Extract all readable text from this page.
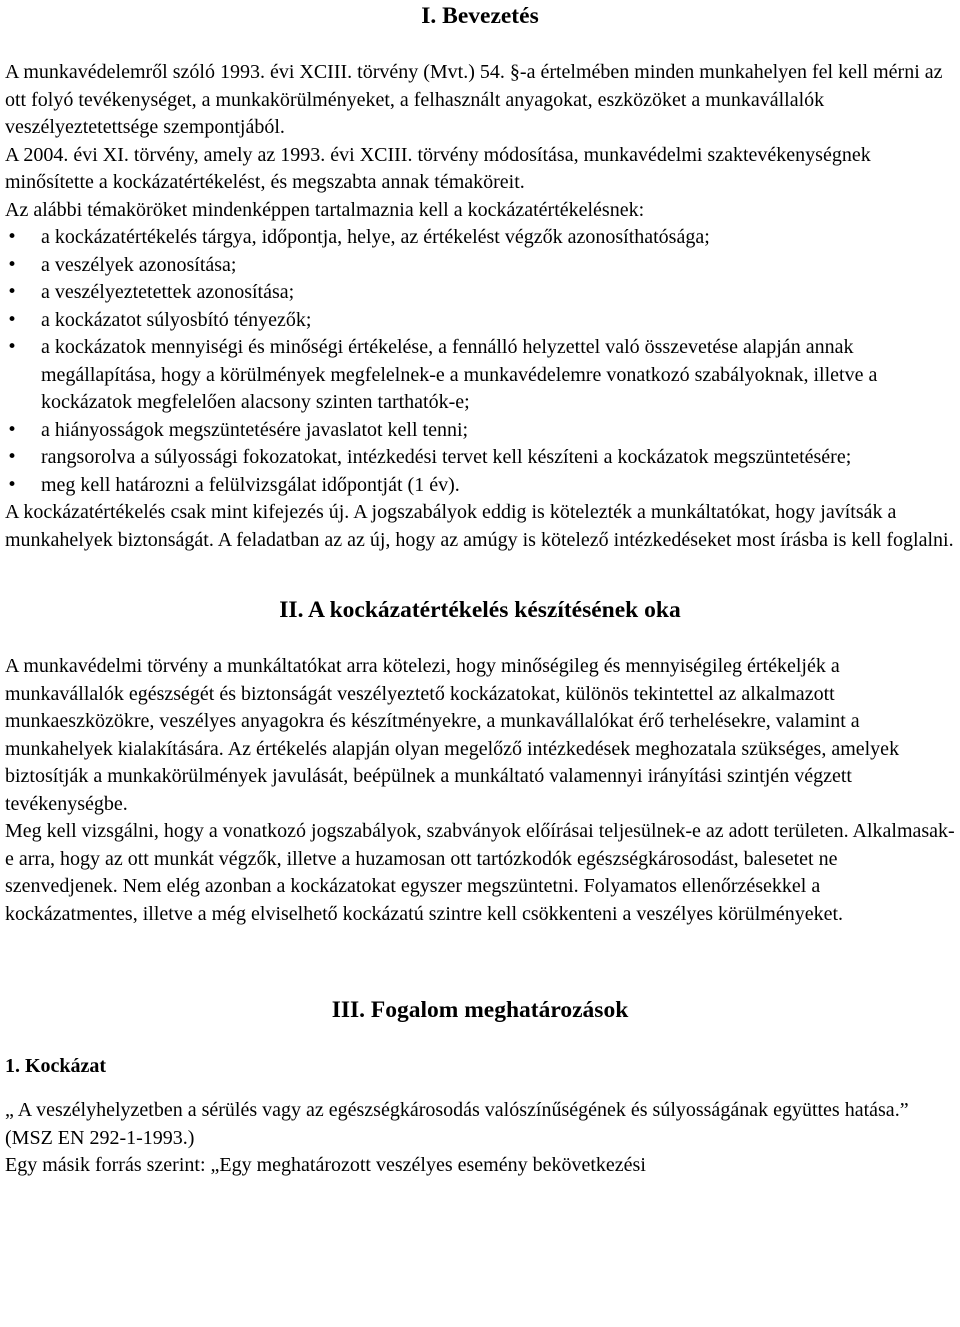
I. Bevezetés

A munkavédelemről szóló 1993. évi XCIII. törvény (Mvt.) 54. §-a értelmében minden munkahelyen fel kell mérni az ott folyó tevékenységet, a munkakörülményeket, a felhasznált anyagokat, eszközöket a munkavállalók veszélyeztetettsége szempontjából.

A 2004. évi XI. törvény, amely az 1993. évi XCIII. törvény módosítása, munkavédelmi szaktevékenységnek minősítette a kockázatértékelést, és megszabta annak témaköreit.

Az alábbi témaköröket mindenképpen tartalmaznia kell a kockázatértékelésnek:

• a kockázatértékelés tárgya, időpontja, helye, az értékelést végzők azonosíthatósága;
• a veszélyek azonosítása;
• a veszélyeztetettek azonosítása;
• a kockázatot súlyosbító tényezők;
• a kockázatok mennyiségi és minőségi értékelése, a fennálló helyzettel való összevetése alapján annak megállapítása, hogy a körülmények megfelelnek-e a munkavédelemre vonatkozó szabályoknak, illetve a kockázatok megfelelően alacsony szinten tarthatók-e;
• a hiányosságok megszüntetésére javaslatot kell tenni;
• rangsorolva a súlyossági fokozatokat, intézkedési tervet kell készíteni a kockázatok megszüntetésére;
• meg kell határozni a felülvizsgálat időpontját (1 év).

A kockázatértékelés csak mint kifejezés új. A jogszabályok eddig is kötelezték a munkáltatókat, hogy javítsák a munkahelyek biztonságát. A feladatban az az új, hogy az amúgy is kötelező intézkedéseket most írásba is kell foglalni.

II. A kockázatértékelés készítésének oka

A munkavédelmi törvény a munkáltatókat arra kötelezi, hogy minőségileg és mennyiségileg értékeljék a munkavállalók egészségét és biztonságát veszélyeztető kockázatokat, különös tekintettel az alkalmazott munkaeszközökre, veszélyes anyagokra és készítményekre, a munkavállalókat érő terhelésekre, valamint a munkahelyek kialakítására. Az értékelés alapján olyan megelőző intézkedések meghozatala szükséges, amelyek biztosítják a munkakörülmények javulását, beépülnek a munkáltató valamennyi irányítási szintjén végzett tevékenységbe.

Meg kell vizsgálni, hogy a vonatkozó jogszabályok, szabványok előírásai teljesülnek-e az adott területen. Alkalmasak-e arra, hogy az ott munkát végzők, illetve a huzamosan ott tartózkodók egészségkárosodást, balesetet ne szenvedjenek. Nem elég azonban a kockázatokat egyszer megszüntetni. Folyamatos ellenőrzésekkel a kockázatmentes, illetve a még elviselhető kockázatú szintre kell csökkenteni a veszélyes körülményeket.

III. Fogalom meghatározások
1. Kockázat

„ A veszélyhelyzetben a sérülés vagy az egészségkárosodás valószínűségének és súlyosságának együttes hatása.” (MSZ EN 292-1-1993.)

Egy másik forrás szerint: „Egy meghatározott veszélyes esemény bekövetkezési
